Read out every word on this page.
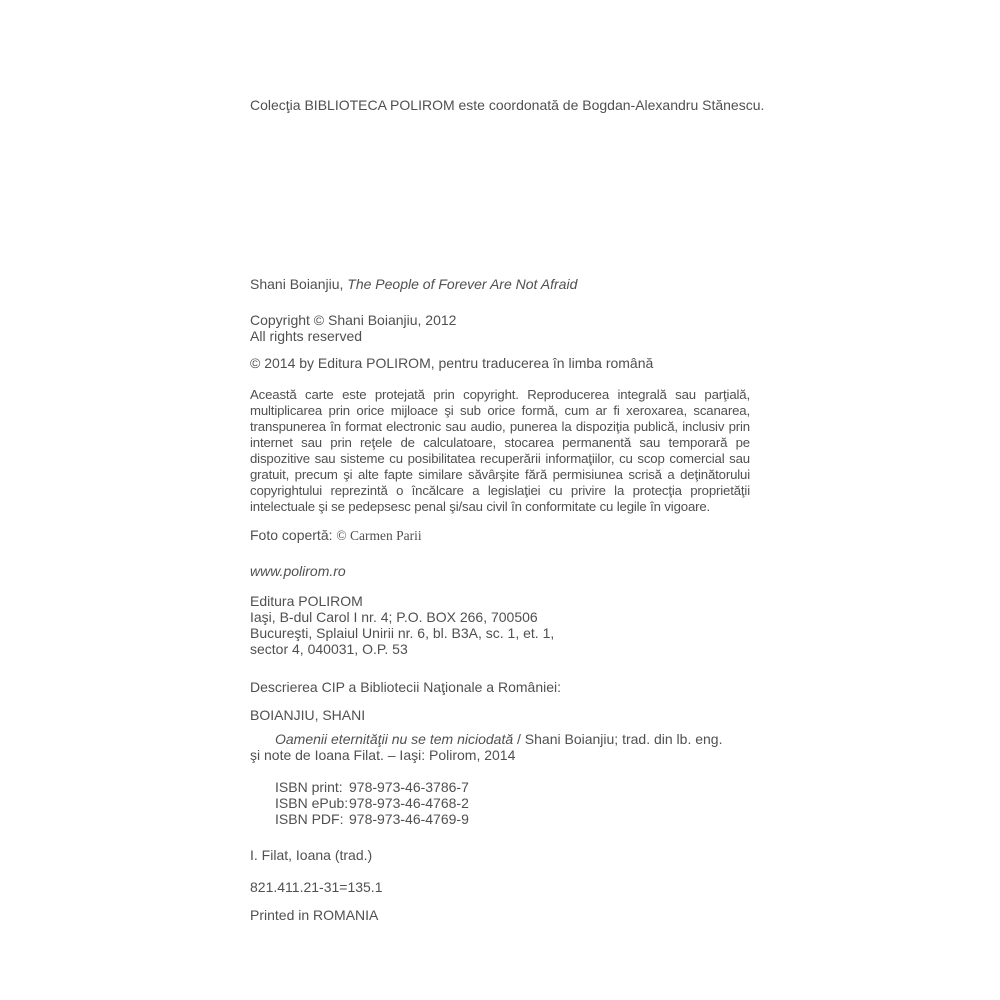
Colecţia BIBLIOTECA POLIROM este coordonată de Bogdan-Alexandru Stănescu.

Shani Boianjiu, The People of Forever Are Not Afraid

Copyright © Shani Boianjiu, 2012

All rights reserved

© 2014 by Editura POLIROM, pentru traducerea în limba română

Această carte este protejată prin copyright. Reproducerea integrală sau parţială, multiplicarea prin orice mijloace şi sub orice formă, cum ar fi xeroxarea, scanarea, transpunerea în format electronic sau audio, punerea la dispoziţia publică, inclusiv prin internet sau prin reţele de calculatoare, stocarea permanentă sau temporară pe dispozitive sau sisteme cu posibilitatea recuperării informaţiilor, cu scop comercial sau gratuit, precum şi alte fapte similare săvârşite fără permisiunea scrisă a deţinătorului copyrightului reprezintă o încălcare a legislaţiei cu privire la protecţia proprietăţii intelectuale şi se pedepsesc penal şi/sau civil în conformitate cu legile în vigoare.

Foto copertă: © Carmen Parii

www.polirom.ro

Editura POLIROM

Iaşi, B-dul Carol I nr. 4; P.O. BOX 266, 700506

Bucureşti, Splaiul Unirii nr. 6, bl. B3A, sc. 1, et. 1,

sector 4, 040031, O.P. 53

Descrierea CIP a Bibliotecii Naţionale a României:

BOIANJIU, SHANI

Oamenii eternităţii nu se tem niciodată / Shani Boianjiu; trad. din lb. eng.

şi note de Ioana Filat. – Iaşi: Polirom, 2014

ISBN print: 978-973-46-3786-7

ISBN ePub:978-973-46-4768-2

ISBN PDF: 978-973-46-4769-9

I. Filat, Ioana (trad.)

821.411.21-31=135.1

Printed in ROMANIA
